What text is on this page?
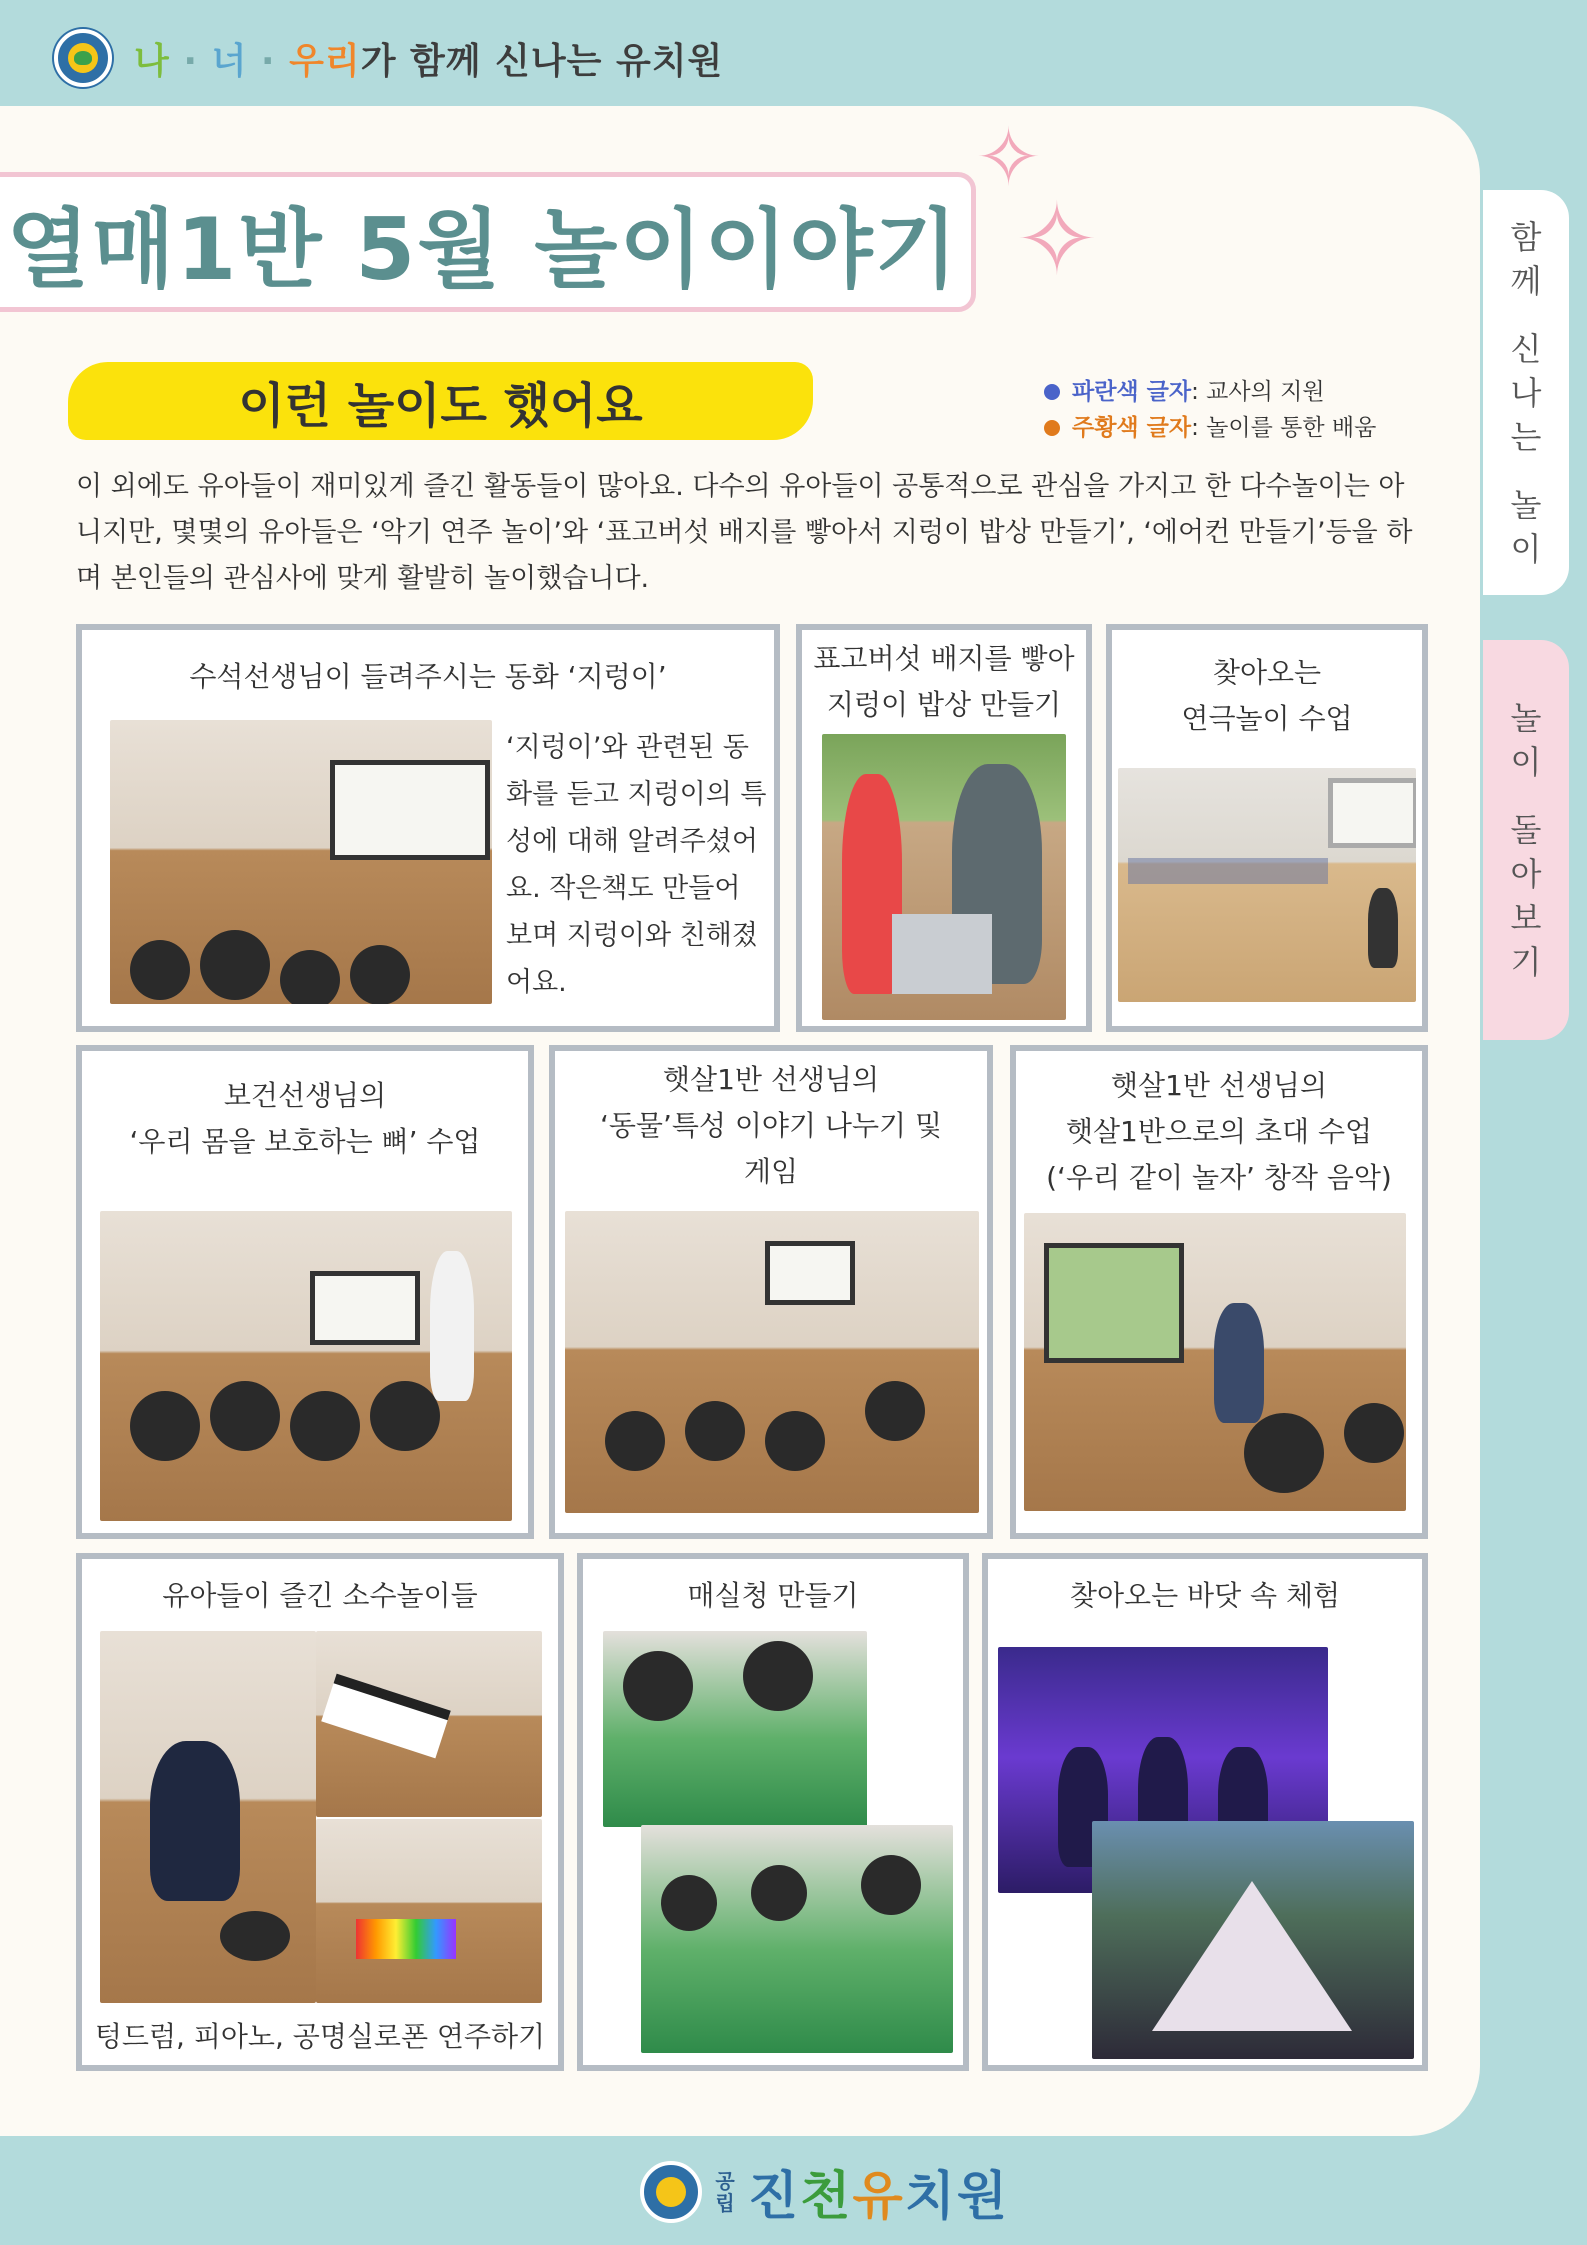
나 · 너 · 우리가 함께 신나는 유치원
열매1반 5월 놀이이야기
✧
✧	함
께
신
나
는
놀
이
놀
이
돌
아
보
기
이런 놀이도 했어요	파란색 글자: 교사의 지원
주황색 글자: 놀이를 통한 배움

이 외에도 유아들이 재미있게 즐긴 활동들이 많아요. 다수의 유아들이 공통적으로 관심을 가지고 한 다수놀이는 아니지만, 몇몇의 유아들은 ‘악기 연주 놀이’와 ‘표고버섯 배지를 빻아서 지렁이 밥상 만들기’, ‘에어컨 만들기’등을 하며 본인들의 관심사에 맞게 활발히 놀이했습니다.

수석선생님이 들려주시는 동화 ‘지렁이’
‘지렁이’와 관련된 동화를 듣고 지렁이의 특성에 대해 알려주셨어요. 작은책도 만들어 보며 지렁이와 친해졌어요.
표고버섯 배지를 빻아
지렁이 밥상 만들기
찾아오는
연극놀이 수업
보건선생님의
‘우리 몸을 보호하는 뼈’ 수업
햇살1반 선생님의
‘동물’특성 이야기 나누기 및
게임
햇살1반 선생님의
햇살1반으로의 초대 수업
(‘우리 같이 놀자’ 창작 음악)
유아들이 즐긴 소수놀이들
텅드럼, 피아노, 공명실로폰 연주하기
매실청 만들기	찾아오는 바닷 속 체험
공
립 진천유치원
